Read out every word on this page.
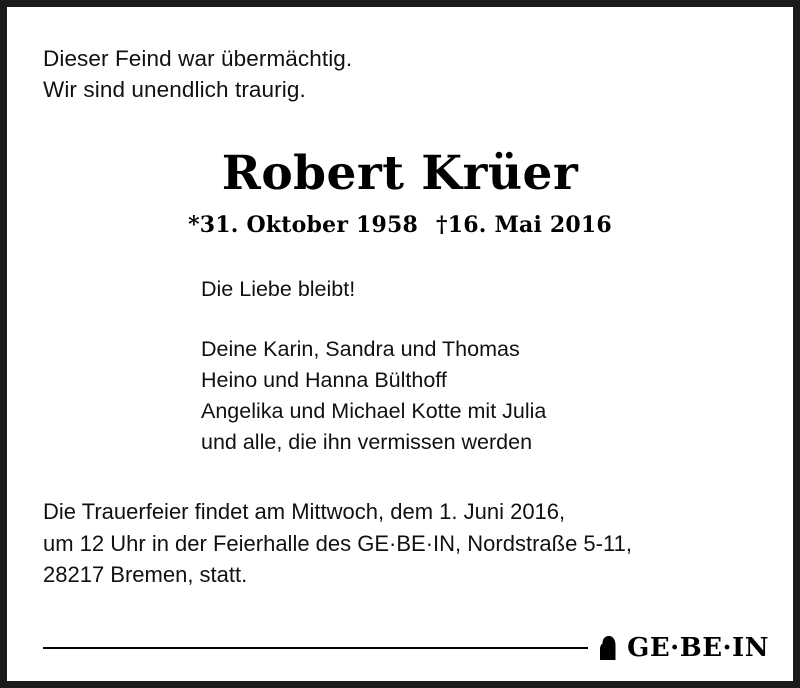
Dieser Feind war übermächtig.
Wir sind unendlich traurig.
Robert Krüer
*31. Oktober 1958 †16. Mai 2016
Die Liebe bleibt!
Deine Karin, Sandra und Thomas
Heino und Hanna Bülthoff
Angelika und Michael Kotte mit Julia
und alle, die ihn vermissen werden
Die Trauerfeier findet am Mittwoch, dem 1. Juni 2016,
um 12 Uhr in der Feierhalle des GE·BE·IN, Nordstraße 5-11,
28217 Bremen, statt.
GE·BE·IN
